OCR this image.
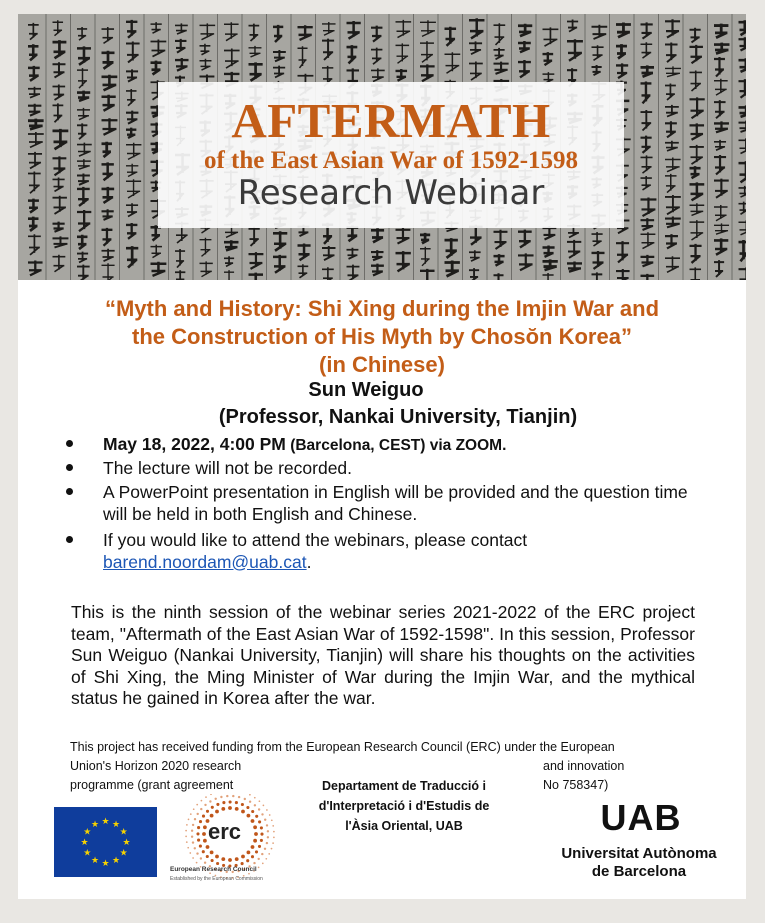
AFTERMATH
of the East Asian War of 1592-1598
Research Webinar
“Myth and History: Shi Xing during the Imjin War and
the Construction of His Myth by Chosŏn Korea”
(in Chinese)
Sun Weiguo
(Professor, Nankai University, Tianjin)
May 18, 2022, 4:00 PM (Barcelona, CEST) via ZOOM.
The lecture will not be recorded.
A PowerPoint presentation in English will be provided and the question time will be held in both English and Chinese.
If you would like to attend the webinars, please contact
barend.noordam@uab.cat.
This is the ninth session of the webinar series 2021-2022 of the ERC project team, "Aftermath of the East Asian War of 1592-1598". In this session, Professor Sun Weiguo (Nankai University, Tianjin) will share his thoughts on the activities of Shi Xing, the Ming Minister of War during the Imjin War, and the mythical status he gained in Korea after the war.
This project has received funding from the European Research Council (ERC) under the European
Union's Horizon 2020 research	and innovation
programme (grant agreement	No 758347)
Departament de Traducció i
d'Interpretació i d'Estudis de
l'Àsia Oriental, UAB
★
★
★
★
★
★
★
★
★ ★ ★
★	erc
European Research Council
Established by the European Commission
UAB
Universitat Autònoma
de Barcelona
